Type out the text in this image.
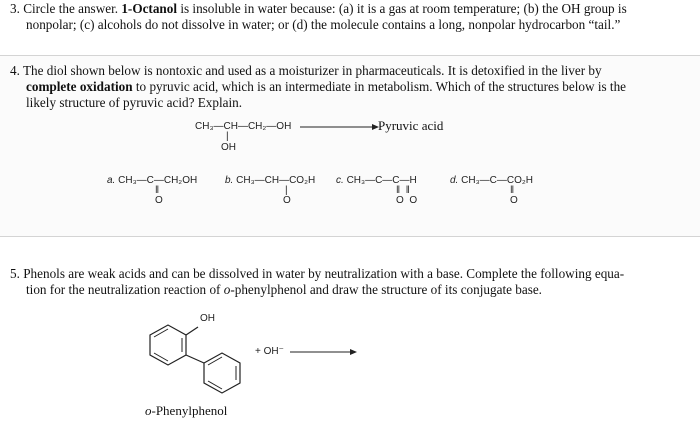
3. Circle the answer. 1-Octanol is insoluble in water because: (a) it is a gas at room temperature; (b) the OH group is
nonpolar; (c) alcohols do not dissolve in water; or (d) the molecule contains a long, nonpolar hydrocarbon “tail.”
4. The diol shown below is nontoxic and used as a moisturizer in pharmaceuticals. It is detoxified in the liver by
complete oxidation to pyruvic acid, which is an intermediate in metabolism. Which of the structures below is the
likely structure of pyruvic acid? Explain.
CH₃—CH—CH₂—OH
|
OH
Pyruvic acid
a. CH₃—C—CH₂OH
‖
O
b. CH₃—CH—CO₂H
|
O
c. CH₃—C—C—H
‖  ‖
O  O
d. CH₃—C—CO₂H
‖
O
5. Phenols are weak acids and can be dissolved in water by neutralization with a base. Complete the following equa-
tion for the neutralization reaction of o-phenylphenol and draw the structure of its conjugate base.
OH
+ OH⁻
o-Phenylphenol
